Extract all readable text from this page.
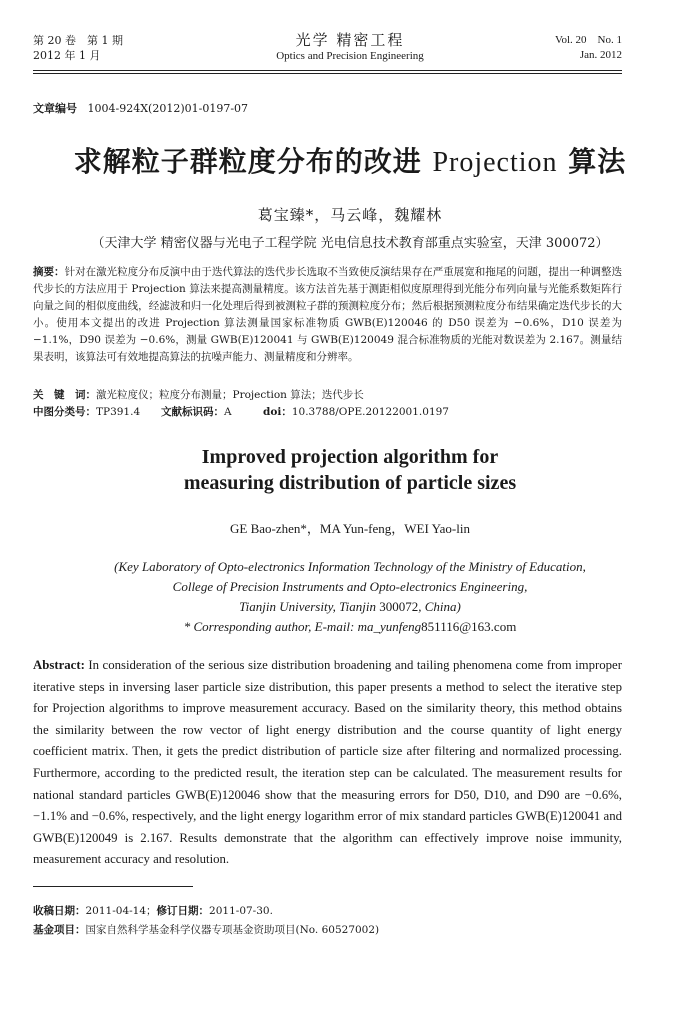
第 20 卷　第 1 期
2012 年 1 月
光学 精密工程
Optics and Precision Engineering
Vol. 20　No. 1
Jan. 2012
文章编号 1004-924X(2012)01-0197-07
求解粒子群粒度分布的改进 Projection 算法
葛宝臻*，马云峰，魏耀林
（天津大学 精密仪器与光电子工程学院 光电信息技术教育部重点实验室，天津 300072）
摘要：针对在激光粒度分布反演中由于迭代算法的迭代步长选取不当致使反演结果存在严重展宽和拖尾的问题，提出一种调整迭代步长的方法应用于 Projection 算法来提高测量精度。该方法首先基于测距相似度原理得到光能分布列向量与光能系数矩阵行向量之间的相似度曲线，经滤波和归一化处理后得到被测粒子群的预测粒度分布；然后根据预测粒度分布结果确定迭代步长的大小。使用本文提出的改进 Projection 算法测量国家标准物质 GWB(E)120046 的 D50 误差为 −0.6%，D10 误差为 −1.1%，D90 误差为 −0.6%，测量 GWB(E)120041 与 GWB(E)120049 混合标准物质的光能对数误差为 2.167。测量结果表明，该算法可有效地提高算法的抗噪声能力、测量精度和分辨率。
关　键　词：激光粒度仪；粒度分布测量；Projection 算法；迭代步长
中图分类号：TP391.4 文献标识码：A	doi：10.3788/OPE.20122001.0197
Improved projection algorithm for
measuring distribution of particle sizes
GE Bao-zhen*，MA Yun-feng，WEI Yao-lin
(Key Laboratory of Opto-electronics Information Technology of the Ministry of Education,
College of Precision Instruments and Opto-electronics Engineering,
Tianjin University, Tianjin 300072, China)
* Corresponding author, E-mail: ma_yunfeng851116@163.com
Abstract: In consideration of the serious size distribution broadening and tailing phenomena come from improper iterative steps in inversing laser particle size distribution, this paper presents a method to select the iterative step for Projection algorithms to improve measurement accuracy. Based on the similarity theory, this method obtains the similarity between the row vector of light energy distribution and the course quantity of light energy coefficient matrix. Then, it gets the predict distribution of particle size after filtering and normalized processing. Furthermore, according to the predicted result, the iteration step can be calculated. The measurement results for national standard particles GWB(E)120046 show that the measuring errors for D50, D10, and D90 are −0.6%, −1.1% and −0.6%, respectively, and the light energy logarithm error of mix standard particles GWB(E)120041 and GWB(E)120049 is 2.167. Results demonstrate that the algorithm can effectively improve noise immunity, measurement accuracy and resolution.
收稿日期：2011-04-14；修订日期：2011-07-30.
基金项目：国家自然科学基金科学仪器专项基金资助项目(No. 60527002)
